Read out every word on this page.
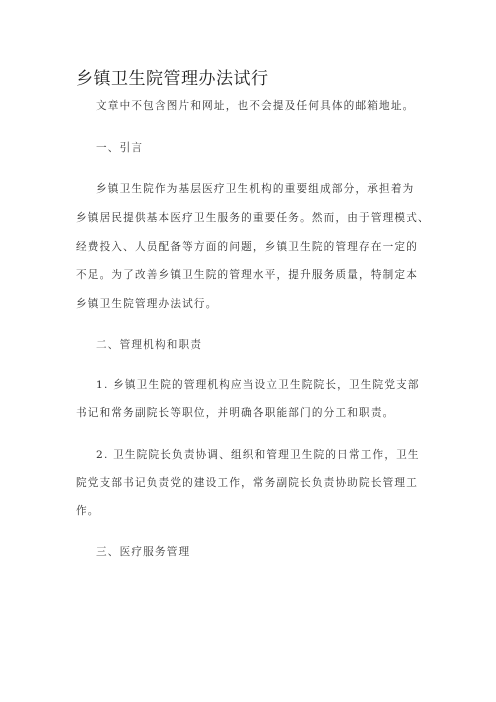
乡镇卫生院管理办法试行
文章中不包含图片和网址，也不会提及任何具体的邮箱地址。
一、引言
乡镇卫生院作为基层医疗卫生机构的重要组成部分，承担着为
乡镇居民提供基本医疗卫生服务的重要任务。然而，由于管理模式、
经费投入、人员配备等方面的问题，乡镇卫生院的管理存在一定的
不足。为了改善乡镇卫生院的管理水平，提升服务质量，特制定本
乡镇卫生院管理办法试行。
二、管理机构和职责
1. 乡镇卫生院的管理机构应当设立卫生院院长，卫生院党支部
书记和常务副院长等职位，并明确各职能部门的分工和职责。
2. 卫生院院长负责协调、组织和管理卫生院的日常工作，卫生
院党支部书记负责党的建设工作，常务副院长负责协助院长管理工
作。
三、医疗服务管理
